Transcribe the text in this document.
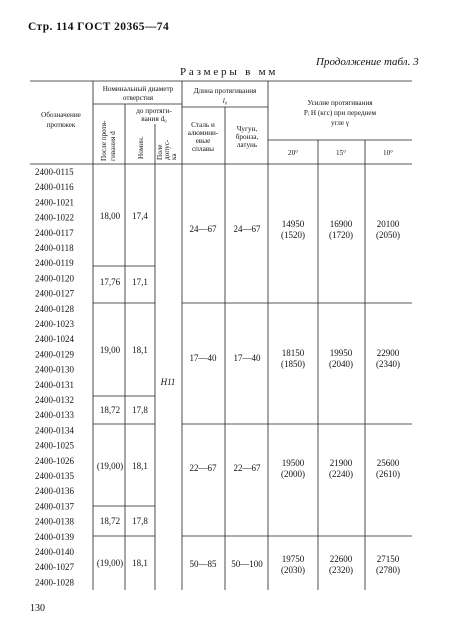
Стр. 114 ГОСТ 20365—74
Продолжение табл. 3
Размеры в мм
Обозначение
протяжек
Номинальный диаметр
отверстия
После протя- гивания d
до протяги-
вания d₀
Номин. Поле допус- ка
Длина протягивания
l₀
Сталь и
алюмини-
евые
сплавы
Чугун,
бронза,
латунь
Усилие протягивания
Pᵢ Н (кгс) при переднем
угле γ
20°	15°	10°
H11
2400-0115
2400-0116
2400-1021
2400-1022
2400-0117
2400-0118
2400-0119
2400-0120
2400-0127
2400-0128
2400-1023
2400-1024
2400-0129
2400-0130
2400-0131
2400-0132
2400-0133
2400-0134
2400-1025
2400-1026
2400-0135
2400-0136
2400-0137
2400-0138
2400-0139
2400-0140
2400-1027
2400-1028
18,00 17,4
17,76 17,1
19,00 18,1
18,72 17,8
(19,00) 18,1
18,72 17,8
(19,00) 18,1
24—67 24—67 14950
(1520)
16900
(1720)
20100
(2050)
17—40 17—40 18150
(1850)
19950
(2040)
22900
(2340)
22—67 22—67 19500
(2000)
21900
(2240)
25600
(2610)
50—85 50—100 19750
(2030)
22600
(2320)
27150
(2780)
130
